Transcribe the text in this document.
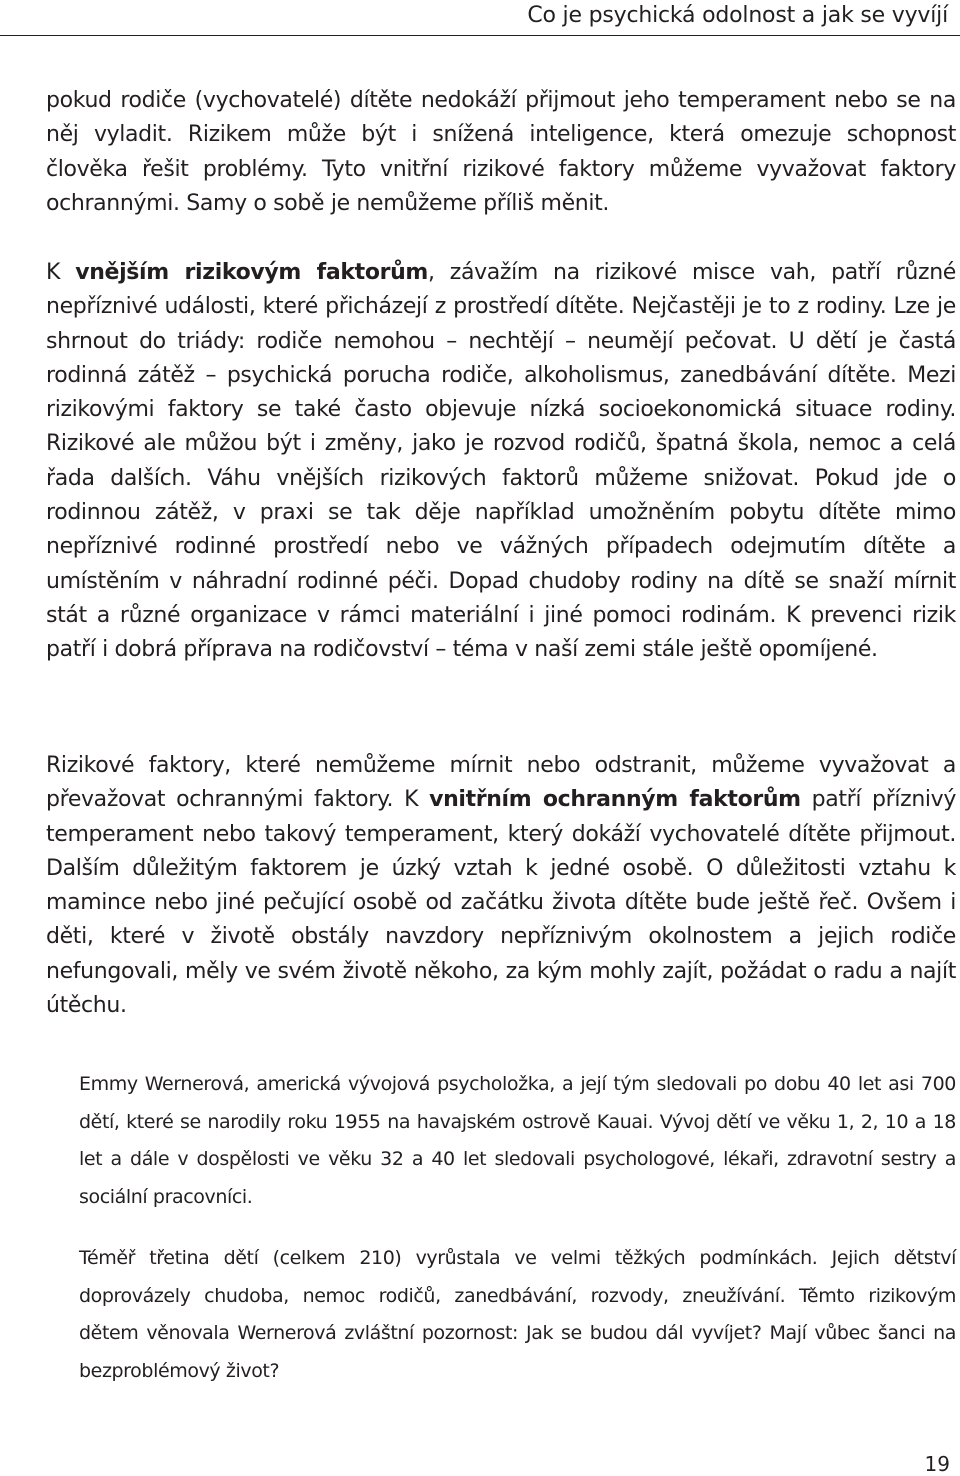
Co je psychická odolnost a jak se vyvíjí

pokud rodiče (vychovatelé) dítěte nedokáží přijmout jeho temperament nebo se na něj vyladit. Rizikem může být i snížená inteligence, která omezuje schopnost člověka řešit problémy. Tyto vnitřní rizikové faktory můžeme vyvažovat faktory ochrannými. Samy o sobě je nemůžeme příliš měnit.

K vnějším rizikovým faktorům, závažím na rizikové misce vah, patří různé nepříznivé události, které přicházejí z prostředí dítěte. Nejčastěji je to z rodiny. Lze je shrnout do triády: rodiče nemohou – nechtějí – neumějí pečovat. U dětí je častá rodinná zátěž – psychická porucha rodiče, alkoholismus, zanedbávání dítěte. Mezi rizikovými faktory se také často objevuje nízká socioekonomická situace rodiny. Rizikové ale můžou být i změny, jako je rozvod rodičů, špatná škola, nemoc a celá řada dalších. Váhu vnějších rizikových faktorů můžeme snižovat. Pokud jde o rodinnou zátěž, v praxi se tak děje například umožněním pobytu dítěte mimo nepříznivé rodinné prostředí nebo ve vážných případech odejmutím dítěte a umístěním v náhradní rodinné péči. Dopad chudoby rodiny na dítě se snaží mírnit stát a různé organizace v rámci materiální i jiné pomoci rodinám. K prevenci rizik patří i dobrá příprava na rodičovství – téma v naší zemi stále ještě opomíjené.

Rizikové faktory, které nemůžeme mírnit nebo odstranit, můžeme vyvažovat a převažovat ochrannými faktory. K vnitřním ochranným faktorům patří příznivý temperament nebo takový temperament, který dokáží vychovatelé dítěte přijmout. Dalším důležitým faktorem je úzký vztah k jedné osobě. O důležitosti vztahu k mamince nebo jiné pečující osobě od začátku života dítěte bude ještě řeč. Ovšem i děti, které v životě obstály navzdory nepříznivým okolnostem a jejich rodiče nefungovali, měly ve svém životě někoho, za kým mohly zajít, požádat o radu a najít útěchu.

Emmy Wernerová, americká vývojová psycholožka, a její tým sledovali po dobu 40 let asi 700 dětí, které se narodily roku 1955 na havajském ostrově Kauai. Vývoj dětí ve věku 1, 2, 10 a 18 let a dále v dospělosti ve věku 32 a 40 let sledovali psychologové, lékaři, zdravotní sestry a sociální pracovníci.

Téměř třetina dětí (celkem 210) vyrůstala ve velmi těžkých podmínkách. Jejich dětství doprovázely chudoba, nemoc rodičů, zanedbávání, rozvody, zneužívání. Těmto rizikovým dětem věnovala Wernerová zvláštní pozornost: Jak se budou dál vyvíjet? Mají vůbec šanci na bezproblémový život?

19
